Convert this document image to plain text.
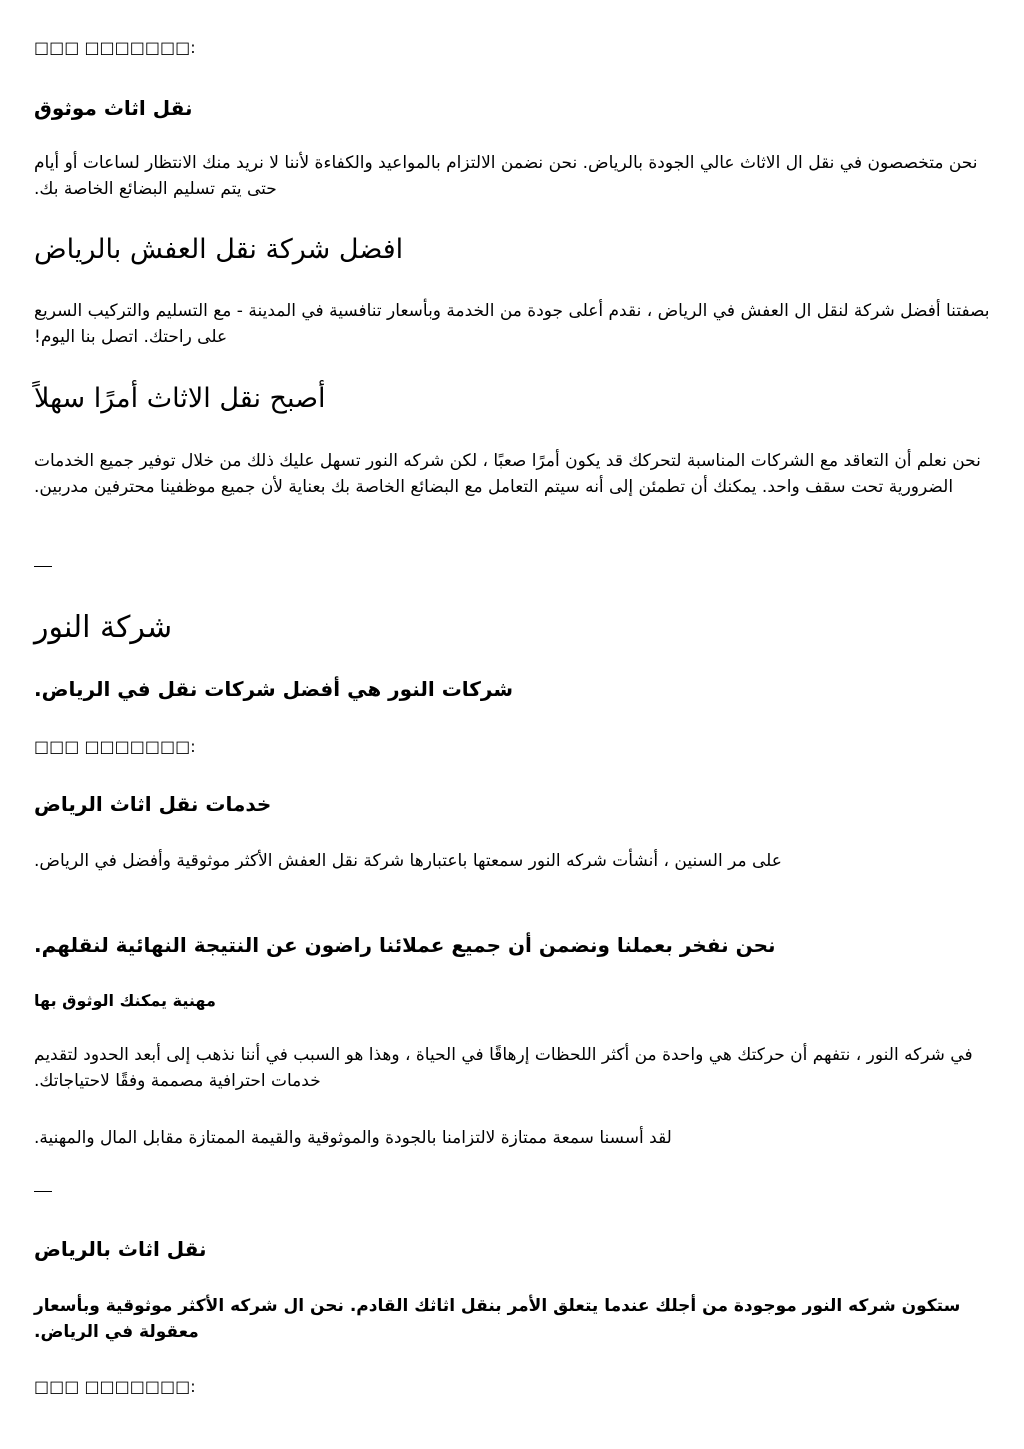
□□□ □□□□□□□:

نقل اثاث موثوق

نحن متخصصون في نقل ال الاثاث عالي الجودة بالرياض. نحن نضمن الالتزام بالمواعيد والكفاءة لأننا لا نريد منك الانتظار لساعات أو أيام حتى يتم تسليم البضائع الخاصة بك.

افضل شركة نقل العفش بالرياض

بصفتنا أفضل شركة لنقل ال العفش في الرياض ، نقدم أعلى جودة من الخدمة وبأسعار تنافسية في المدينة - مع التسليم والتركيب السريع على راحتك. اتصل بنا اليوم!

أصبح نقل الاثاث أمرًا سهلاً

نحن نعلم أن التعاقد مع الشركات المناسبة لتحركك قد يكون أمرًا صعبًا ، لكن شركه النور تسهل عليك ذلك من خلال توفير جميع الخدمات الضرورية تحت سقف واحد. يمكنك أن تطمئن إلى أنه سيتم التعامل مع البضائع الخاصة بك بعناية لأن جميع موظفينا محترفين مدربين.

شركة النور
شركات النور هي أفضل شركات نقل في الرياض.

□□□ □□□□□□□:

خدمات نقل اثاث الرياض

على مر السنين ، أنشأت شركه النور سمعتها باعتبارها شركة نقل العفش الأكثر موثوقية وأفضل في الرياض.

نحن نفخر بعملنا ونضمن أن جميع عملائنا راضون عن النتيجة النهائية لنقلهم.
مهنية يمكنك الوثوق بها

في شركه النور ، نتفهم أن حركتك هي واحدة من أكثر اللحظات إرهاقًا في الحياة ، وهذا هو السبب في أننا نذهب إلى أبعد الحدود لتقديم خدمات احترافية مصممة وفقًا لاحتياجاتك.

لقد أسسنا سمعة ممتازة لالتزامنا بالجودة والموثوقية والقيمة الممتازة مقابل المال والمهنية.

نقل اثاث بالرياض

ستكون شركه النور موجودة من أجلك عندما يتعلق الأمر بنقل اثاثك القادم. نحن ال شركه الأكثر موثوقية وبأسعار معقولة في الرياض.

□□□ □□□□□□□:
